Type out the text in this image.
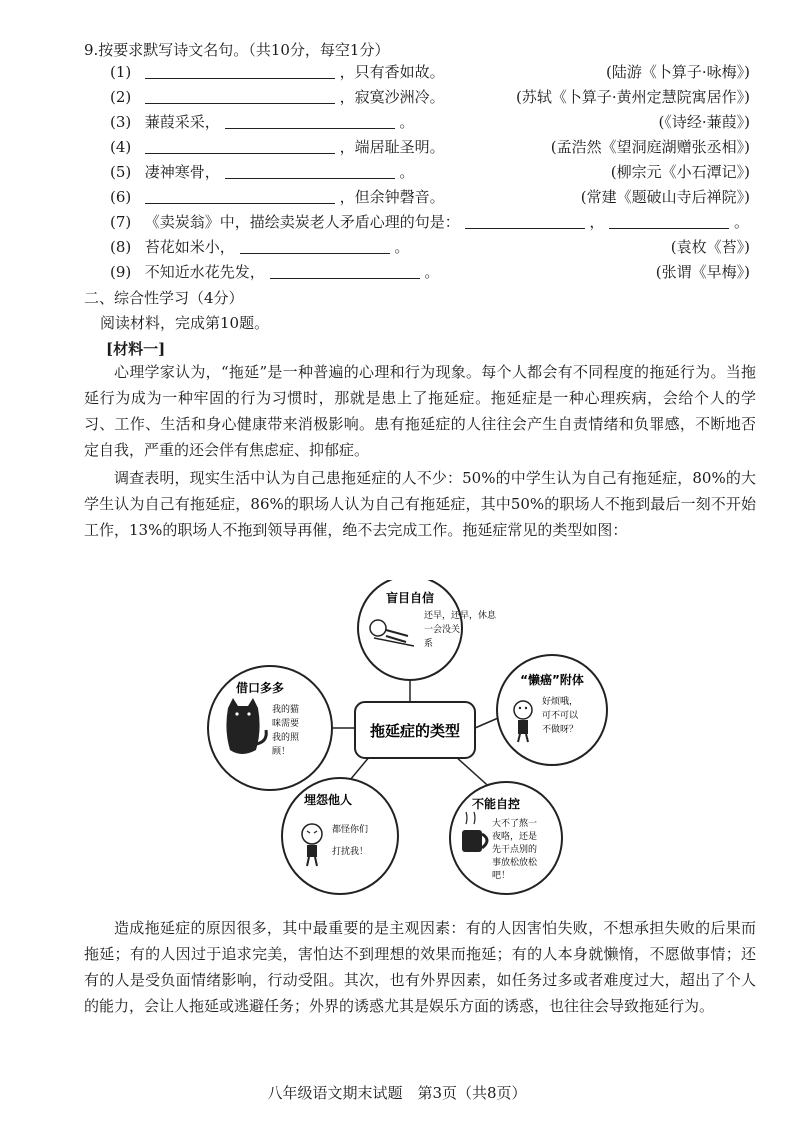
9.按要求默写诗文名句。（共10分，每空1分）
(1)	，只有香如故。	(陆游《卜算子·咏梅》)
(2)	，寂寞沙洲冷。	(苏轼《卜算子·黄州定慧院寓居作》)
(3) 蒹葭采采，	。	(《诗经·蒹葭》)
(4)	，端居耻圣明。	(孟浩然《望洞庭湖赠张丞相》)
(5) 凄神寒骨，	。	(柳宗元《小石潭记》)
(6)	，但余钟磬音。	(常建《题破山寺后禅院》)
(7) 《卖炭翁》中，描绘卖炭老人矛盾心理的句是：	，	。
(8) 苔花如米小，	。	(袁枚《苔》)
(9) 不知近水花先发，	。	(张谓《早梅》)
二、综合性学习（4分）
阅读材料，完成第10题。
[材料一]

心理学家认为，“拖延”是一种普遍的心理和行为现象。每个人都会有不同程度的拖延行为。当拖延行为成为一种牢固的行为习惯时，那就是患上了拖延症。拖延症是一种心理疾病，会给个人的学习、工作、生活和身心健康带来消极影响。患有拖延症的人往往会产生自责情绪和负罪感，不断地否定自我，严重的还会伴有焦虑症、抑郁症。

调查表明，现实生活中认为自己患拖延症的人不少：50%的中学生认为自己有拖延症，80%的大学生认为自己有拖延症，86%的职场人认为自己有拖延症，其中50%的职场人不拖到最后一刻不开始工作，13%的职场人不拖到领导再催，绝不去完成工作。拖延症常见的类型如图：

盲目自信
还早，还早，休息
一会没关
系
“懒癌”附体
好烦哦，
可不可以
不做呀？
借口多多
我的猫
咪需要
我的照
顾！
拖延症的类型
埋怨他人
都怪你们
打扰我！
不能自控
大不了熬一
夜咯，还是
先干点别的
事放松放松
吧！

造成拖延症的原因很多，其中最重要的是主观因素：有的人因害怕失败，不想承担失败的后果而拖延；有的人因过于追求完美，害怕达不到理想的效果而拖延；有的人本身就懒惰，不愿做事情；还有的人是受负面情绪影响，行动受阻。其次，也有外界因素，如任务过多或者难度过大，超出了个人的能力，会让人拖延或逃避任务；外界的诱惑尤其是娱乐方面的诱惑，也往往会导致拖延行为。

八年级语文期末试题　第3页（共8页）
